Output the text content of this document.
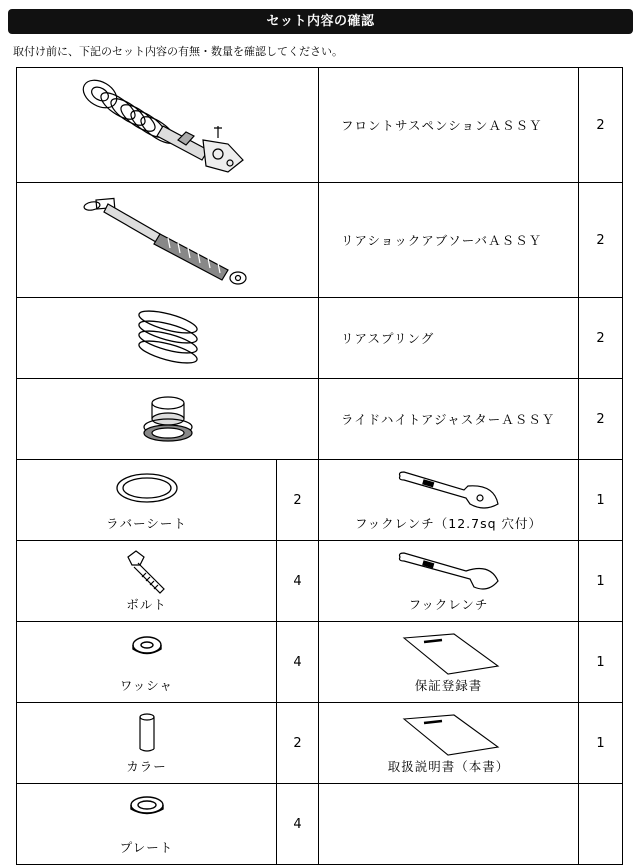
セット内容の確認
取付け前に、下記のセット内容の有無・数量を確認してください。
	フロントサスペンションＡＳＳＹ	2

	リアショックアブソーバＡＳＳＹ	2

	リアスプリング	2

	ライドハイトアジャスターＡＳＳＹ	2

ラバーシート	2	フックレンチ（12.7sq 穴付）	1

ボルト	4	フックレンチ	1

ワッシャ	4	保証登録書	1

カラー	2	取扱説明書（本書）	1

プレート	4		
